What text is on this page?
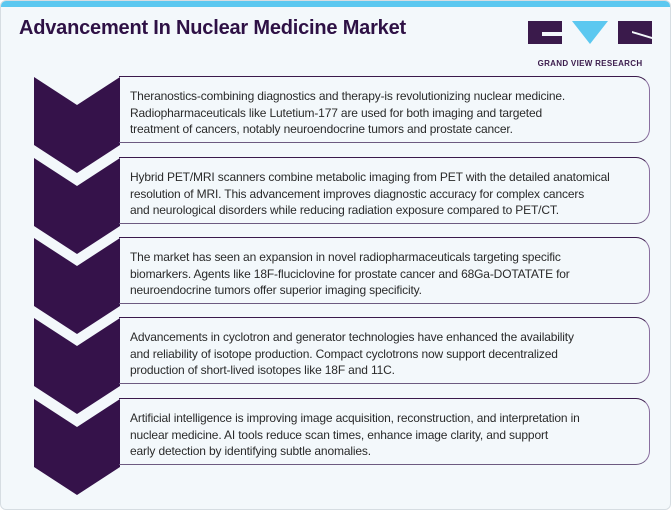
Advancement In Nuclear Medicine Market
GRAND VIEW RESEARCH

Theranostics-combining diagnostics and therapy-is revolutionizing nuclear medicine.
Radiopharmaceuticals like Lutetium-177 are used for both imaging and targeted
treatment of cancers, notably neuroendocrine tumors and prostate cancer.

Hybrid PET/MRI scanners combine metabolic imaging from PET with the detailed anatomical
resolution of MRI. This advancement improves diagnostic accuracy for complex cancers
and neurological disorders while reducing radiation exposure compared to PET/CT.

The market has seen an expansion in novel radiopharmaceuticals targeting specific
biomarkers. Agents like 18F-fluciclovine for prostate cancer and 68Ga-DOTATATE for
neuroendocrine tumors offer superior imaging specificity.

Advancements in cyclotron and generator technologies have enhanced the availability
and reliability of isotope production. Compact cyclotrons now support decentralized
production of short-lived isotopes like 18F and 11C.

Artificial intelligence is improving image acquisition, reconstruction, and interpretation in
nuclear medicine. AI tools reduce scan times, enhance image clarity, and support
early detection by identifying subtle anomalies.
